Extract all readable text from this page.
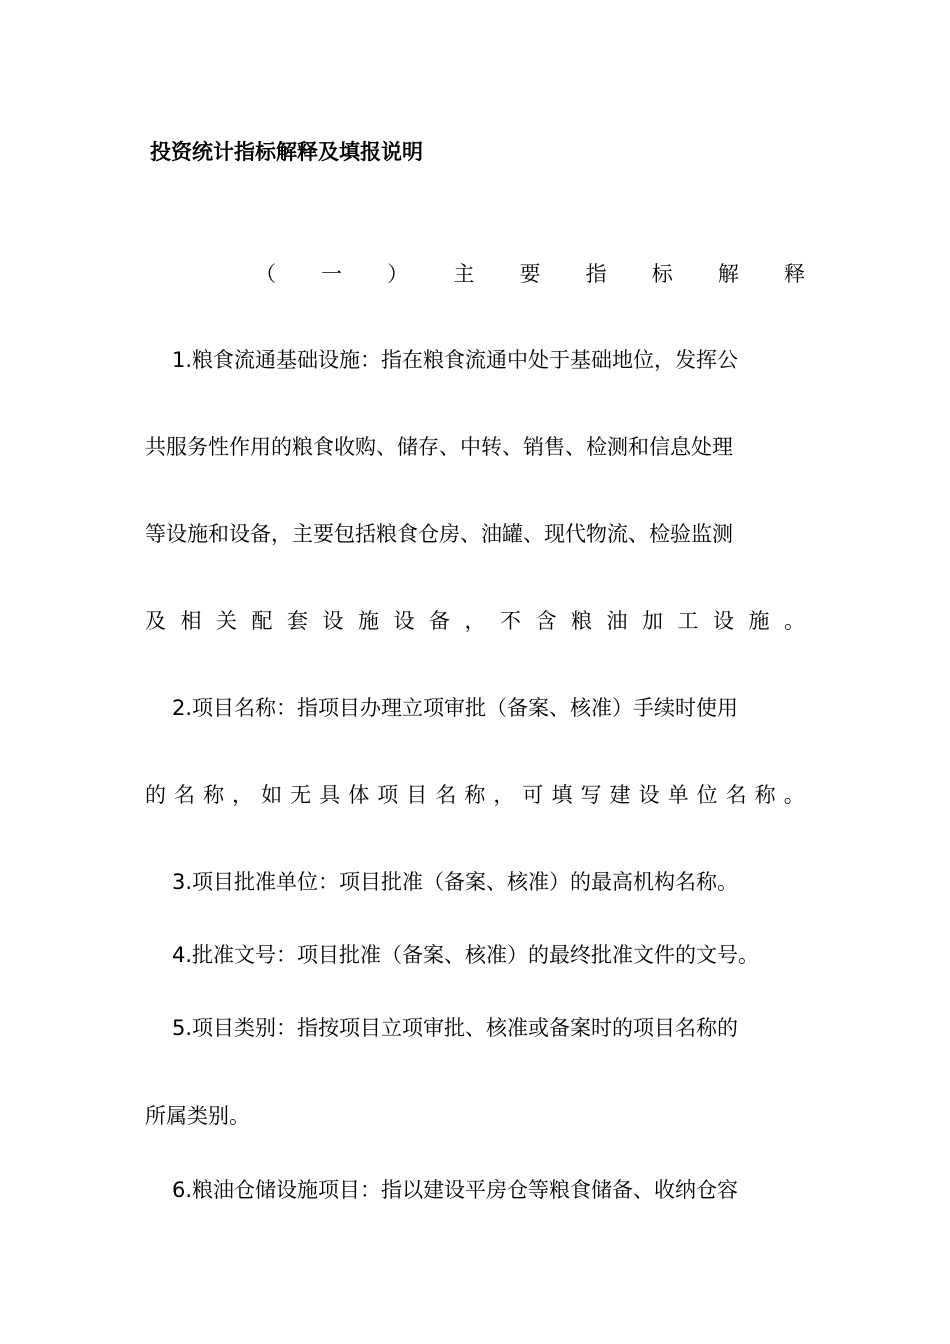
投资统计指标解释及填报说明
（ 一 ） 主 要 指 标 解 释
1.粮食流通基础设施：指在粮食流通中处于基础地位，发挥公
共服务性作用的粮食收购、储存、中转、销售、检测和信息处理
等设施和设备，主要包括粮食仓房、油罐、现代物流、检验监测
及 相 关 配 套 设 施 设 备 ， 不 含 粮 油 加 工 设 施 。
2.项目名称：指项目办理立项审批（备案、核准）手续时使用
的 名 称 ， 如 无 具 体 项 目 名 称 ， 可 填 写 建 设 单 位 名 称 。
3.项目批准单位：项目批准（备案、核准）的最高机构名称。
4.批准文号：项目批准（备案、核准）的最终批准文件的文号。
5.项目类别：指按项目立项审批、核准或备案时的项目名称的
所属类别。
6.粮油仓储设施项目：指以建设平房仓等粮食储备、收纳仓容
